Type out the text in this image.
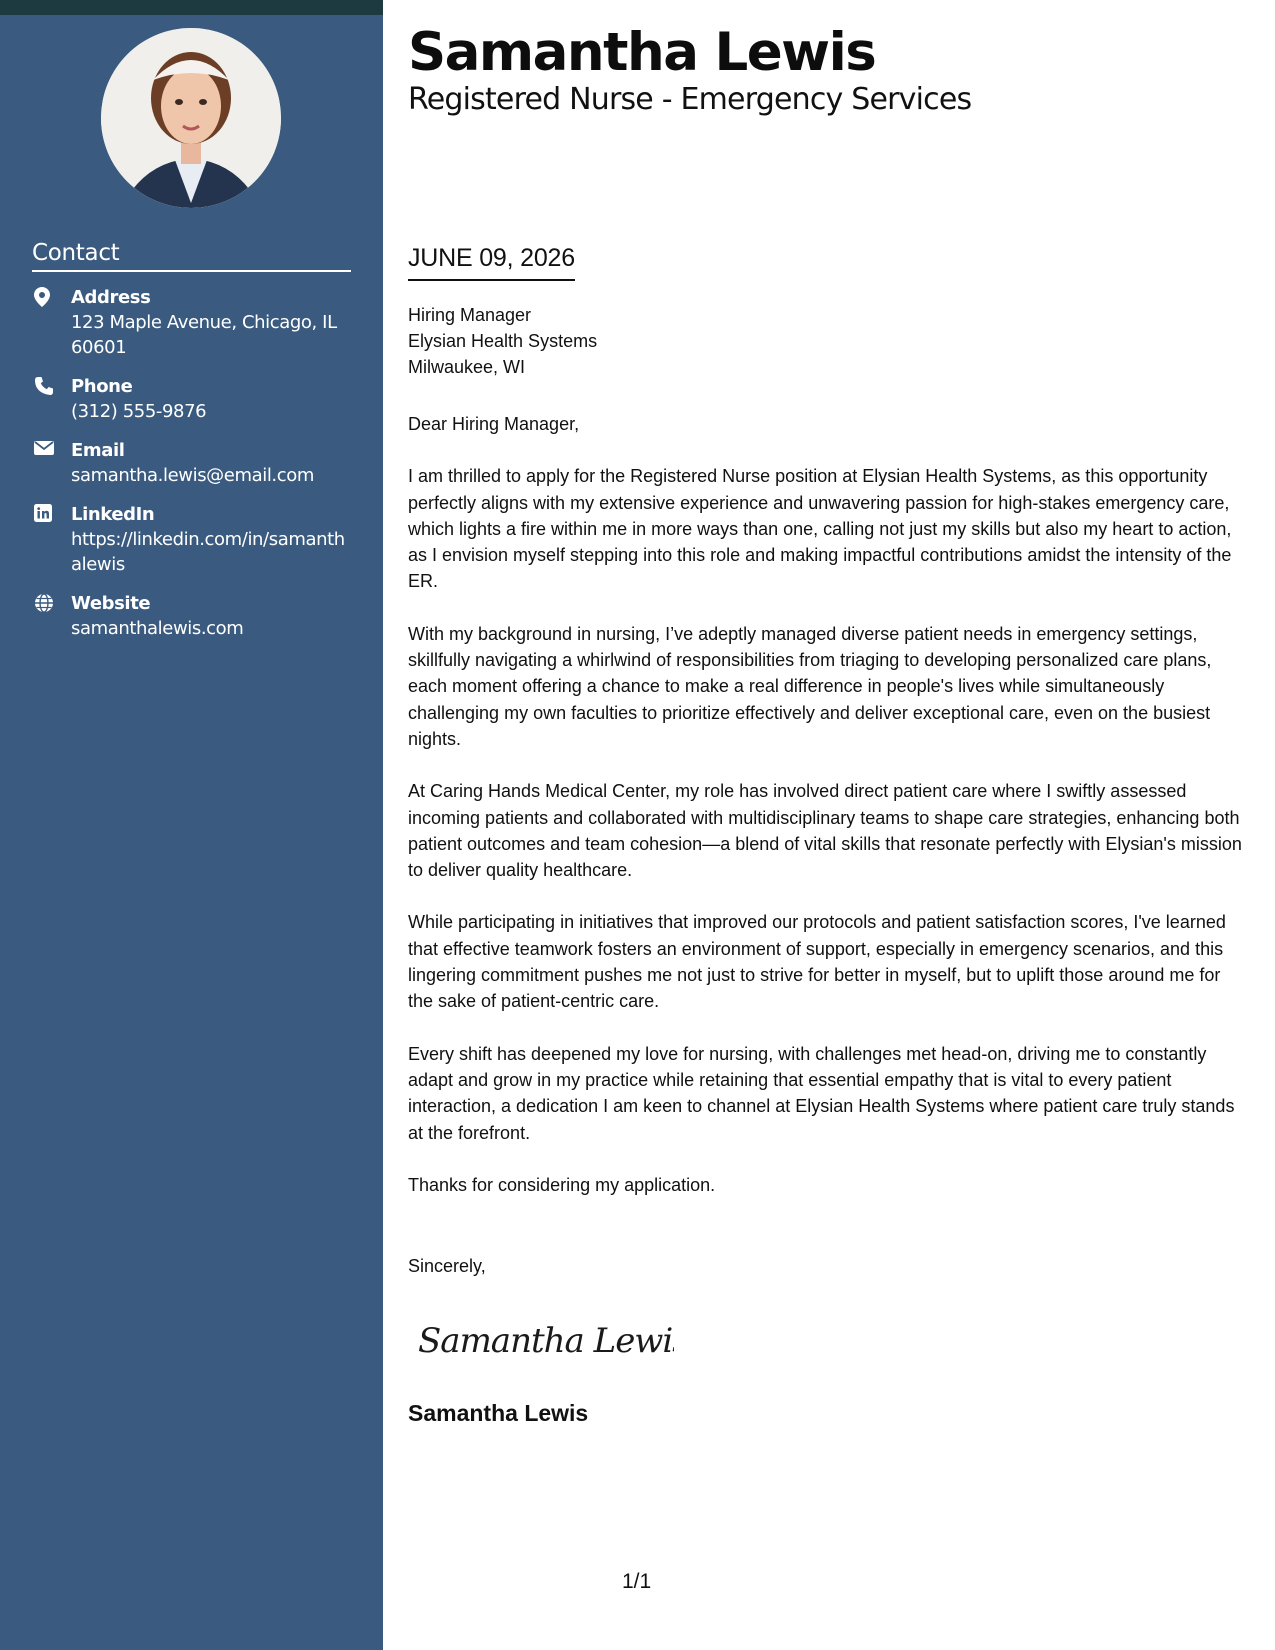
Contact
Address
123 Maple Avenue, Chicago, IL 60601
Phone
(312) 555-9876
Email
samantha.lewis@email.com
LinkedIn
https://linkedin.com/in/samanthalewis
Website
samanthalewis.com
Samantha Lewis
Registered Nurse - Emergency Services
JUNE 09, 2026
Hiring Manager
Elysian Health Systems
Milwaukee, WI

Dear Hiring Manager,

I am thrilled to apply for the Registered Nurse position at Elysian Health Systems, as this opportunity perfectly aligns with my extensive experience and unwavering passion for high-stakes emergency care, which lights a fire within me in more ways than one, calling not just my skills but also my heart to action, as I envision myself stepping into this role and making impactful contributions amidst the intensity of the ER.

With my background in nursing, I’ve adeptly managed diverse patient needs in emergency settings, skillfully navigating a whirlwind of responsibilities from triaging to developing personalized care plans, each moment offering a chance to make a real difference in people's lives while simultaneously challenging my own faculties to prioritize effectively and deliver exceptional care, even on the busiest nights.

At Caring Hands Medical Center, my role has involved direct patient care where I swiftly assessed incoming patients and collaborated with multidisciplinary teams to shape care strategies, enhancing both patient outcomes and team cohesion—a blend of vital skills that resonate perfectly with Elysian's mission to deliver quality healthcare.

While participating in initiatives that improved our protocols and patient satisfaction scores, I've learned that effective teamwork fosters an environment of support, especially in emergency scenarios, and this lingering commitment pushes me not just to strive for better in myself, but to uplift those around me for the sake of patient-centric care.

Every shift has deepened my love for nursing, with challenges met head-on, driving me to constantly adapt and grow in my practice while retaining that essential empathy that is vital to every patient interaction, a dedication I am keen to channel at Elysian Health Systems where patient care truly stands at the forefront.

Thanks for considering my application.

Sincerely,
Samantha Lewis
Samantha Lewis
1/1
